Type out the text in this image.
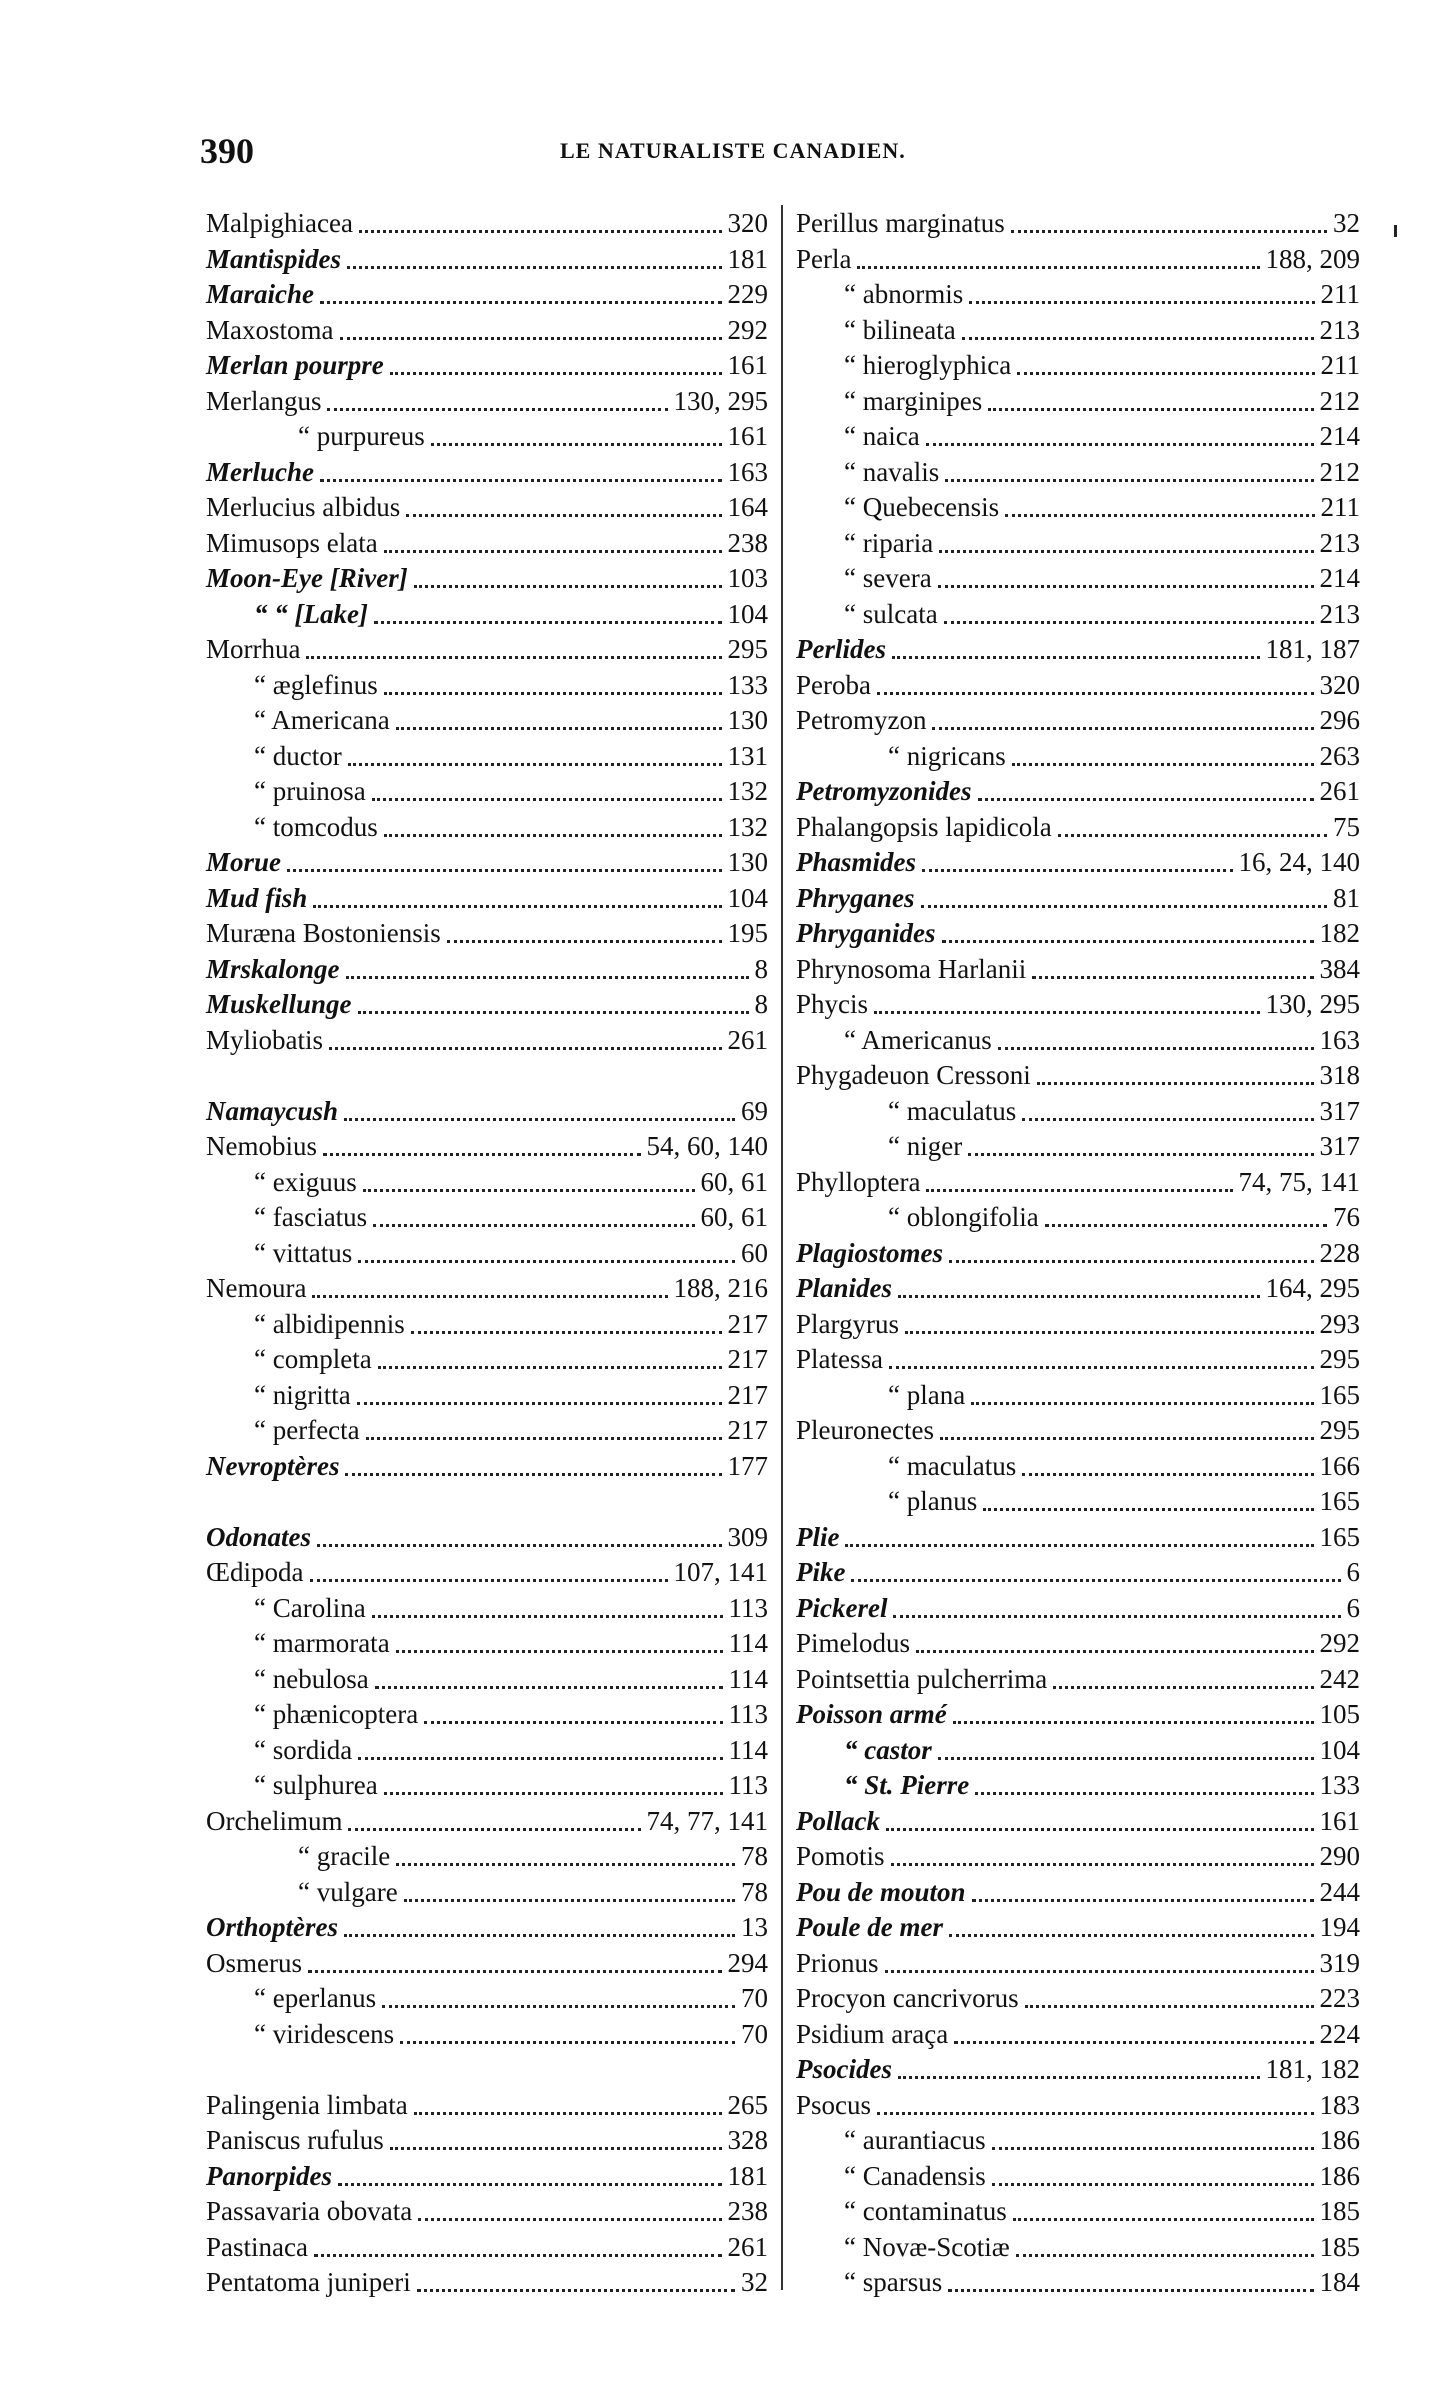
390	LE NATURALISTE CANADIEN.
Malpighiacea	320
Mantispides	181
Maraiche	229
Maxostoma	292
Merlan pourpre	161
Merlangus	130, 295
“ purpureus	161
Merluche	163
Merlucius albidus	164
Mimusops elata	238
Moon-Eye [River]	103
“ “ [Lake]	104
Morrhua	295
“ æglefinus	133
“ Americana	130
“ ductor	131
“ pruinosa	132
“ tomcodus	132
Morue	130
Mud fish	104
Muræna Bostoniensis	195
Mrskalonge	8
Muskellunge	8
Myliobatis	261
Namaycush	69
Nemobius	54, 60, 140
“ exiguus	60, 61
“ fasciatus	60, 61
“ vittatus	60
Nemoura	188, 216
“ albidipennis	217
“ completa	217
“ nigritta	217
“ perfecta	217
Nevroptères	177
Odonates	309
Œdipoda	107, 141
“ Carolina	113
“ marmorata	114
“ nebulosa	114
“ phænicoptera	113
“ sordida	114
“ sulphurea	113
Orchelimum	74, 77, 141
“ gracile	78
“ vulgare	78
Orthoptères	13
Osmerus	294
“ eperlanus	70
“ viridescens	70
Palingenia limbata	265
Paniscus rufulus	328
Panorpides	181
Passavaria obovata	238
Pastinaca	261
Pentatoma juniperi	32
Perillus marginatus	32
Perla	188, 209
“ abnormis	211
“ bilineata	213
“ hieroglyphica	211
“ marginipes	212
“ naica	214
“ navalis	212
“ Quebecensis	211
“ riparia	213
“ severa	214
“ sulcata	213
Perlides	181, 187
Peroba	320
Petromyzon	296
“ nigricans	263
Petromyzonides	261
Phalangopsis lapidicola	75
Phasmides	16, 24, 140
Phryganes	81
Phryganides	182
Phrynosoma Harlanii	384
Phycis	130, 295
“ Americanus	163
Phygadeuon Cressoni	318
“ maculatus	317
“ niger	317
Phylloptera	74, 75, 141
“ oblongifolia	76
Plagiostomes	228
Planides	164, 295
Plargyrus	293
Platessa	295
“ plana	165
Pleuronectes	295
“ maculatus	166
“ planus	165
Plie	165
Pike	6
Pickerel	6
Pimelodus	292
Pointsettia pulcherrima	242
Poisson armé	105
“ castor	104
“ St. Pierre	133
Pollack	161
Pomotis	290
Pou de mouton	244
Poule de mer	194
Prionus	319
Procyon cancrivorus	223
Psidium araça	224
Psocides	181, 182
Psocus	183
“ aurantiacus	186
“ Canadensis	186
“ contaminatus	185
“ Novæ-Scotiæ	185
“ sparsus	184
